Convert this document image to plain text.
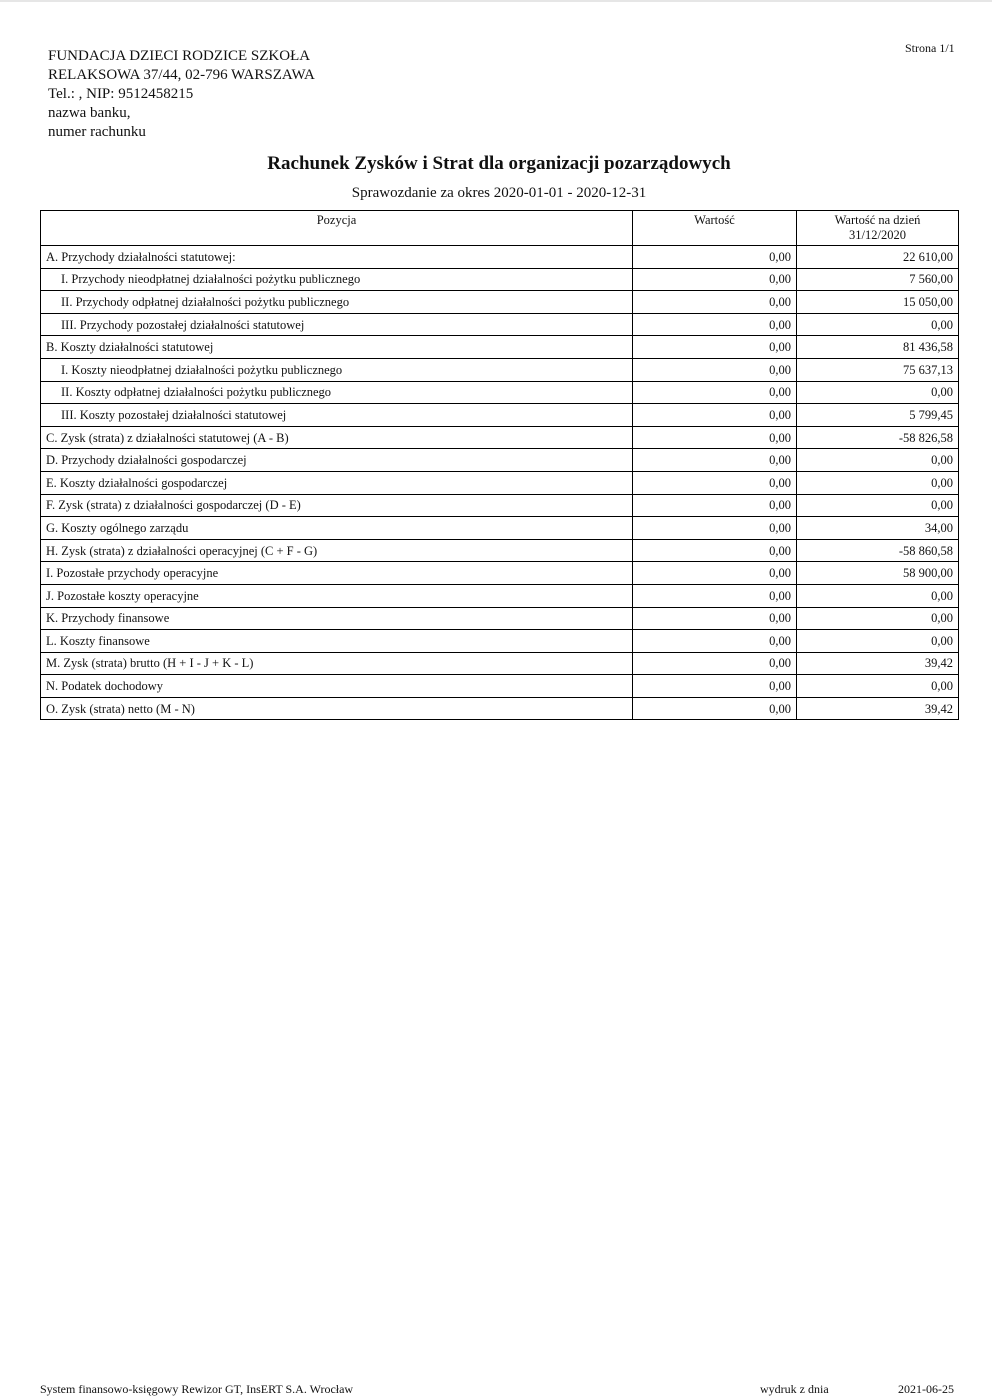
Strona 1/1
FUNDACJA DZIECI RODZICE SZKOŁA
RELAKSOWA 37/44, 02-796 WARSZAWA
Tel.: , NIP: 9512458215
nazwa banku,
numer rachunku
Rachunek Zysków i Strat dla organizacji pozarządowych
Sprawozdanie za okres 2020-01-01 - 2020-12-31
Pozycja	Wartość	Wartość na dzień
31/12/2020

A. Przychody działalności statutowej:	0,00	22 610,00
I. Przychody nieodpłatnej działalności pożytku publicznego	0,00	7 560,00
II. Przychody odpłatnej działalności pożytku publicznego	0,00	15 050,00
III. Przychody pozostałej działalności statutowej	0,00	0,00
B. Koszty działalności statutowej	0,00	81 436,58
I. Koszty nieodpłatnej działalności pożytku publicznego	0,00	75 637,13
II. Koszty odpłatnej działalności pożytku publicznego	0,00	0,00
III. Koszty pozostałej działalności statutowej	0,00	5 799,45
C. Zysk (strata) z działalności statutowej (A - B)	0,00	-58 826,58
D. Przychody działalności gospodarczej	0,00	0,00
E. Koszty działalności gospodarczej	0,00	0,00
F. Zysk (strata) z działalności gospodarczej (D - E)	0,00	0,00
G. Koszty ogólnego zarządu	0,00	34,00
H. Zysk (strata) z działalności operacyjnej (C + F - G)	0,00	-58 860,58
I. Pozostałe przychody operacyjne	0,00	58 900,00
J. Pozostałe koszty operacyjne	0,00	0,00
K. Przychody finansowe	0,00	0,00
L. Koszty finansowe	0,00	0,00
M. Zysk (strata) brutto (H + I - J + K - L)	0,00	39,42
N. Podatek dochodowy	0,00	0,00
O. Zysk (strata) netto (M - N)	0,00	39,42
System finansowo-księgowy Rewizor GT, InsERT S.A. Wrocław	wydruk z dnia	2021-06-25
